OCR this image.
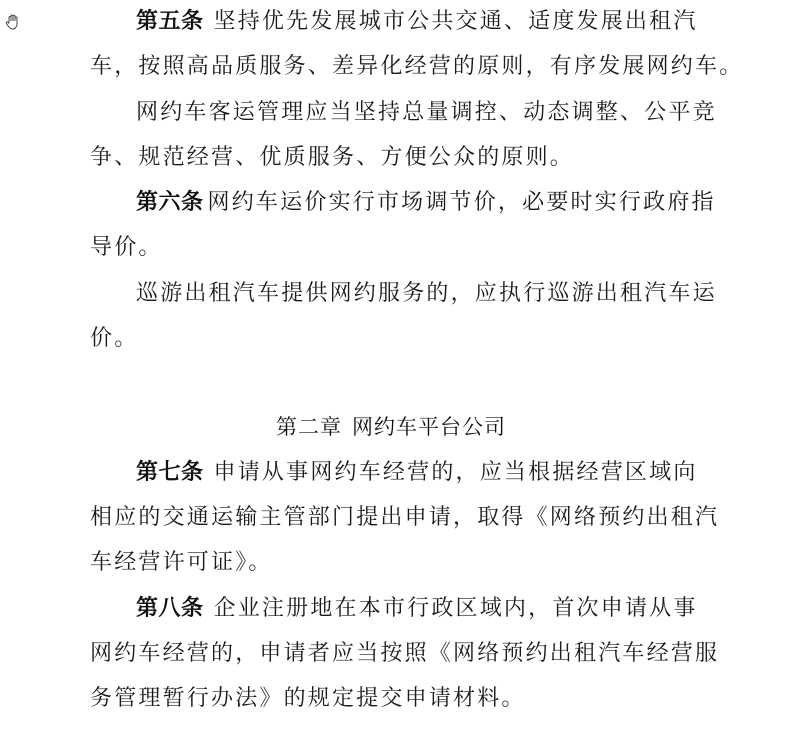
第五条 坚持优先发展城市公共交通、适度发展出租汽
车，按照高品质服务、差异化经营的原则，有序发展网约车。
网约车客运管理应当坚持总量调控、动态调整、公平竞
争、规范经营、优质服务、方便公众的原则。
第六条 网约车运价实行市场调节价，必要时实行政府指
导价。
巡游出租汽车提供网约服务的，应执行巡游出租汽车运
价。
第二章 网约车平台公司
第七条 申请从事网约车经营的，应当根据经营区域向
相应的交通运输主管部门提出申请，取得《网络预约出租汽
车经营许可证》。
第八条 企业注册地在本市行政区域内，首次申请从事
网约车经营的，申请者应当按照《网络预约出租汽车经营服
务管理暂行办法》的规定提交申请材料。
